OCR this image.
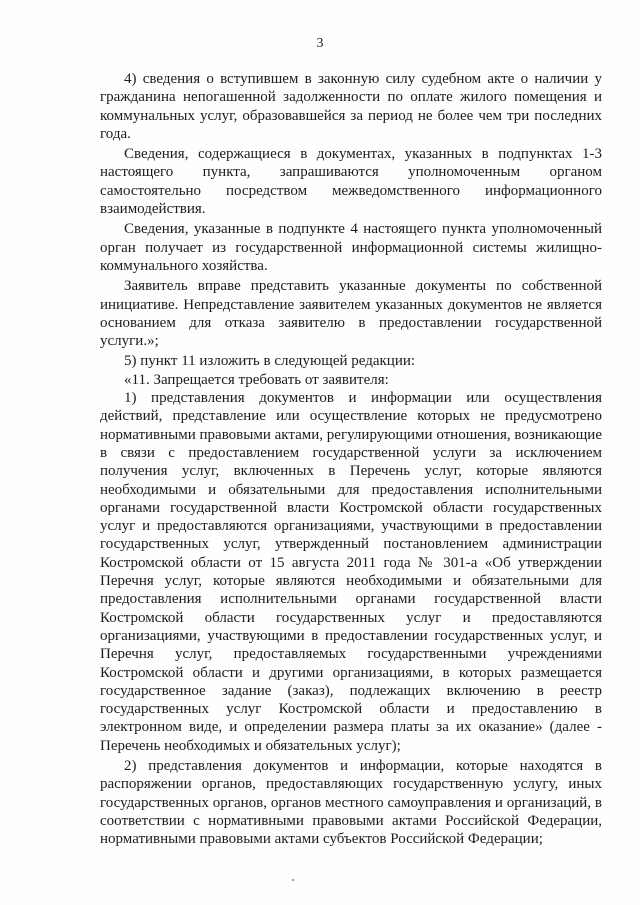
3

4) сведения о вступившем в законную силу судебном акте о наличии у гражданина непогашенной задолженности по оплате жилого помещения и коммунальных услуг, образовавшейся за период не более чем три последних года.

Сведения, содержащиеся в документах, указанных в подпунктах 1-3 настоящего пункта, запрашиваются уполномоченным органом самостоятельно посредством межведомственного информационного взаимодействия.

Сведения, указанные в подпункте 4 настоящего пункта уполномоченный орган получает из государственной информационной системы жилищно-коммунального хозяйства.

Заявитель вправе представить указанные документы по собственной инициативе. Непредставление заявителем указанных документов не является основанием для отказа заявителю в предоставлении государственной услуги.»;

5) пункт 11 изложить в следующей редакции:

«11. Запрещается требовать от заявителя:

1) представления документов и информации или осуществления действий, представление или осуществление которых не предусмотрено нормативными правовыми актами, регулирующими отношения, возникающие в связи с предоставлением государственной услуги за исключением получения услуг, включенных в Перечень услуг, которые являются необходимыми и обязательными для предоставления исполнительными органами государственной власти Костромской области государственных услуг и предоставляются организациями, участвующими в предоставлении государственных услуг, утвержденный постановлением администрации Костромской области от 15 августа 2011 года № 301-а «Об утверждении Перечня услуг, которые являются необходимыми и обязательными для предоставления исполнительными органами государственной власти Костромской области государственных услуг и предоставляются организациями, участвующими в предоставлении государственных услуг, и Перечня услуг, предоставляемых государственными учреждениями Костромской области и другими организациями, в которых размещается государственное задание (заказ), подлежащих включению в реестр государственных услуг Костромской области и предоставлению в электронном виде, и определении размера платы за их оказание» (далее - Перечень необходимых и обязательных услуг);

2) представления документов и информации, которые находятся в распоряжении органов, предоставляющих государственную услугу, иных государственных органов, органов местного самоуправления и организаций, в соответствии с нормативными правовыми актами Российской Федерации, нормативными правовыми актами субъектов Российской Федерации;
